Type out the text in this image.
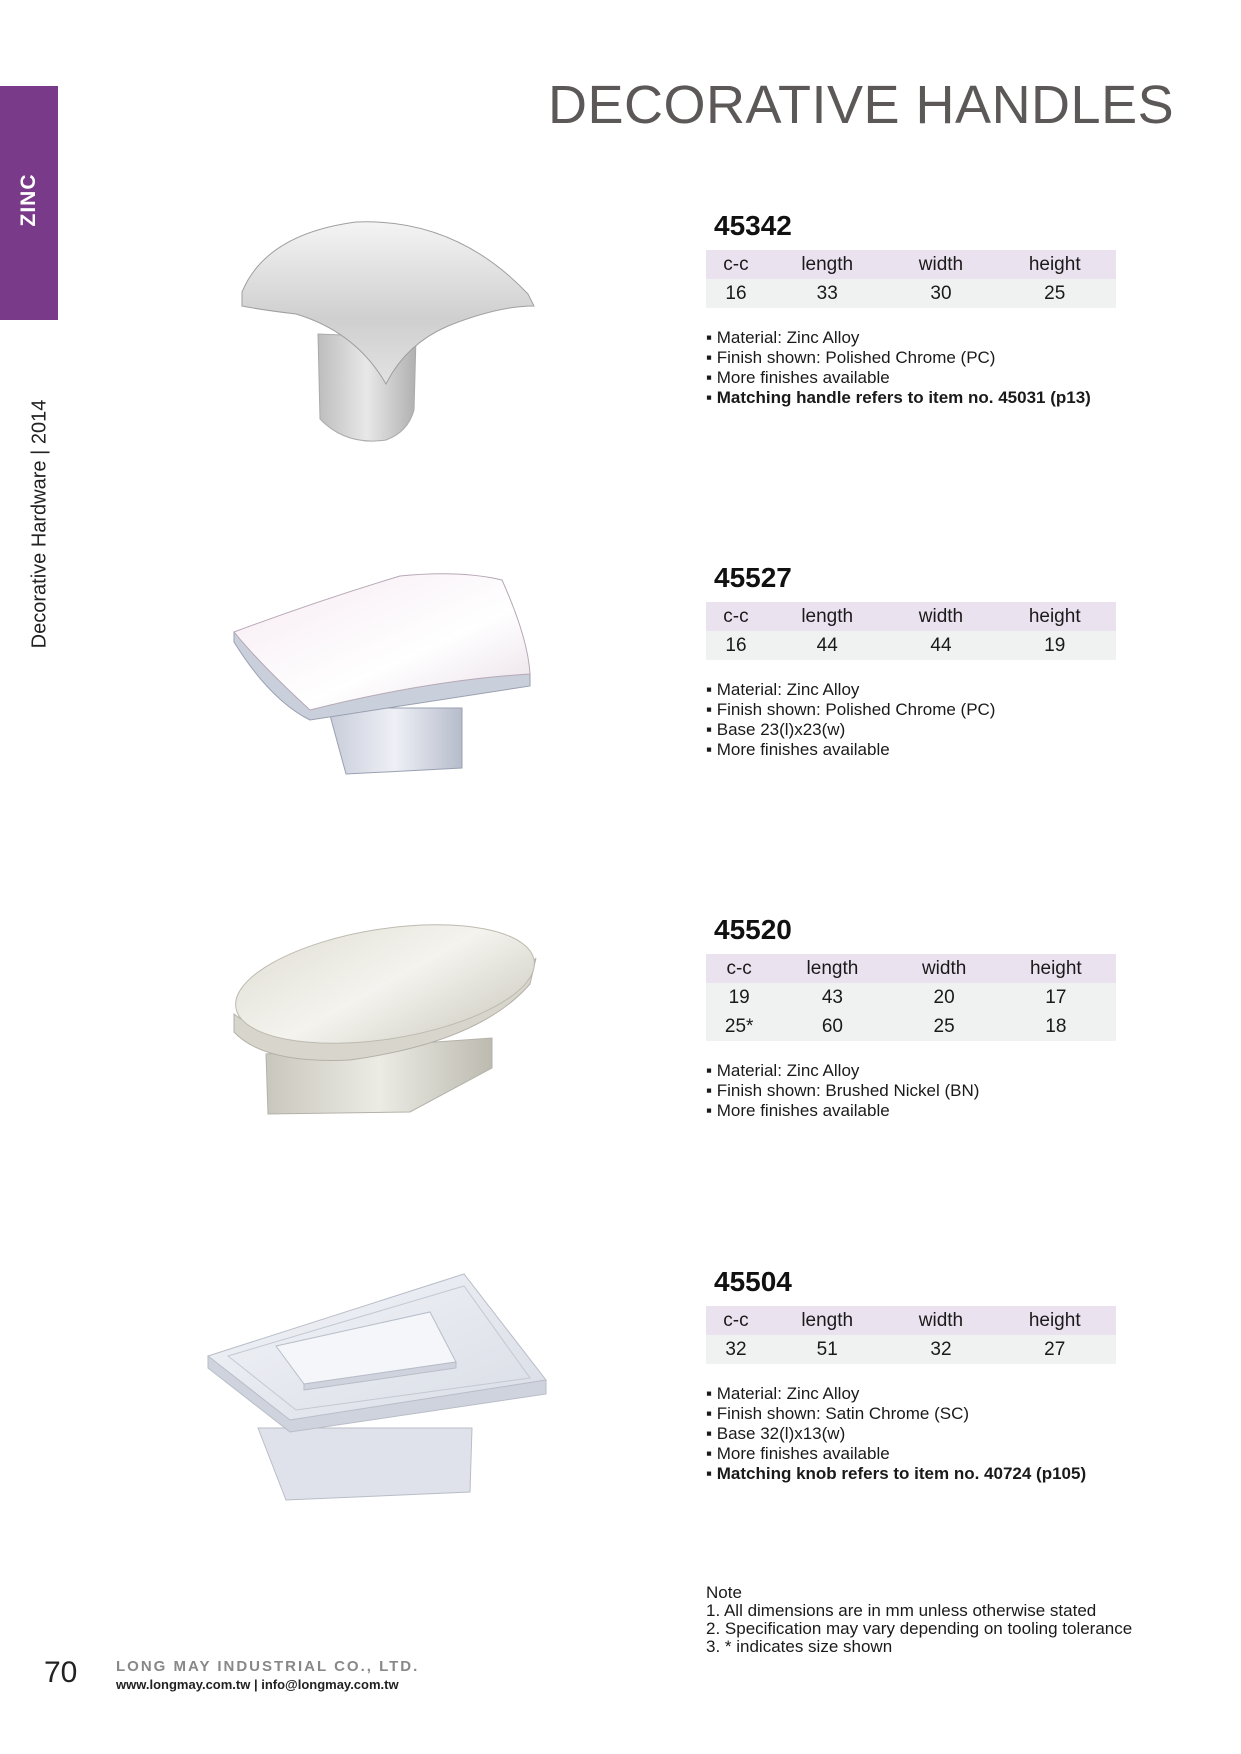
ZINC
Decorative Hardware | 2014
DECORATIVE HANDLES
45342
c-c	length	width	height
16	33	30	25
▪ Material: Zinc Alloy
▪ Finish shown: Polished Chrome (PC)
▪ More finishes available
▪ Matching handle refers to item no. 45031 (p13)
45527
c-c	length	width	height
16	44	44	19
▪ Material: Zinc Alloy
▪ Finish shown: Polished Chrome (PC)
▪ Base 23(l)x23(w)
▪ More finishes available
45520
c-c	length	width	height
19	43	20	17
25*	60	25	18
▪ Material: Zinc Alloy
▪ Finish shown: Brushed Nickel (BN)
▪ More finishes available
45504
c-c	length	width	height
32	51	32	27
▪ Material: Zinc Alloy
▪ Finish shown: Satin Chrome (SC)
▪ Base 32(l)x13(w)
▪ More finishes available
▪ Matching knob refers to item no. 40724 (p105)
Note
1. All dimensions are in mm unless otherwise stated
2. Specification may vary depending on tooling tolerance
3. * indicates size shown
70	LONG MAY INDUSTRIAL CO., LTD.
www.longmay.com.tw | info@longmay.com.tw
